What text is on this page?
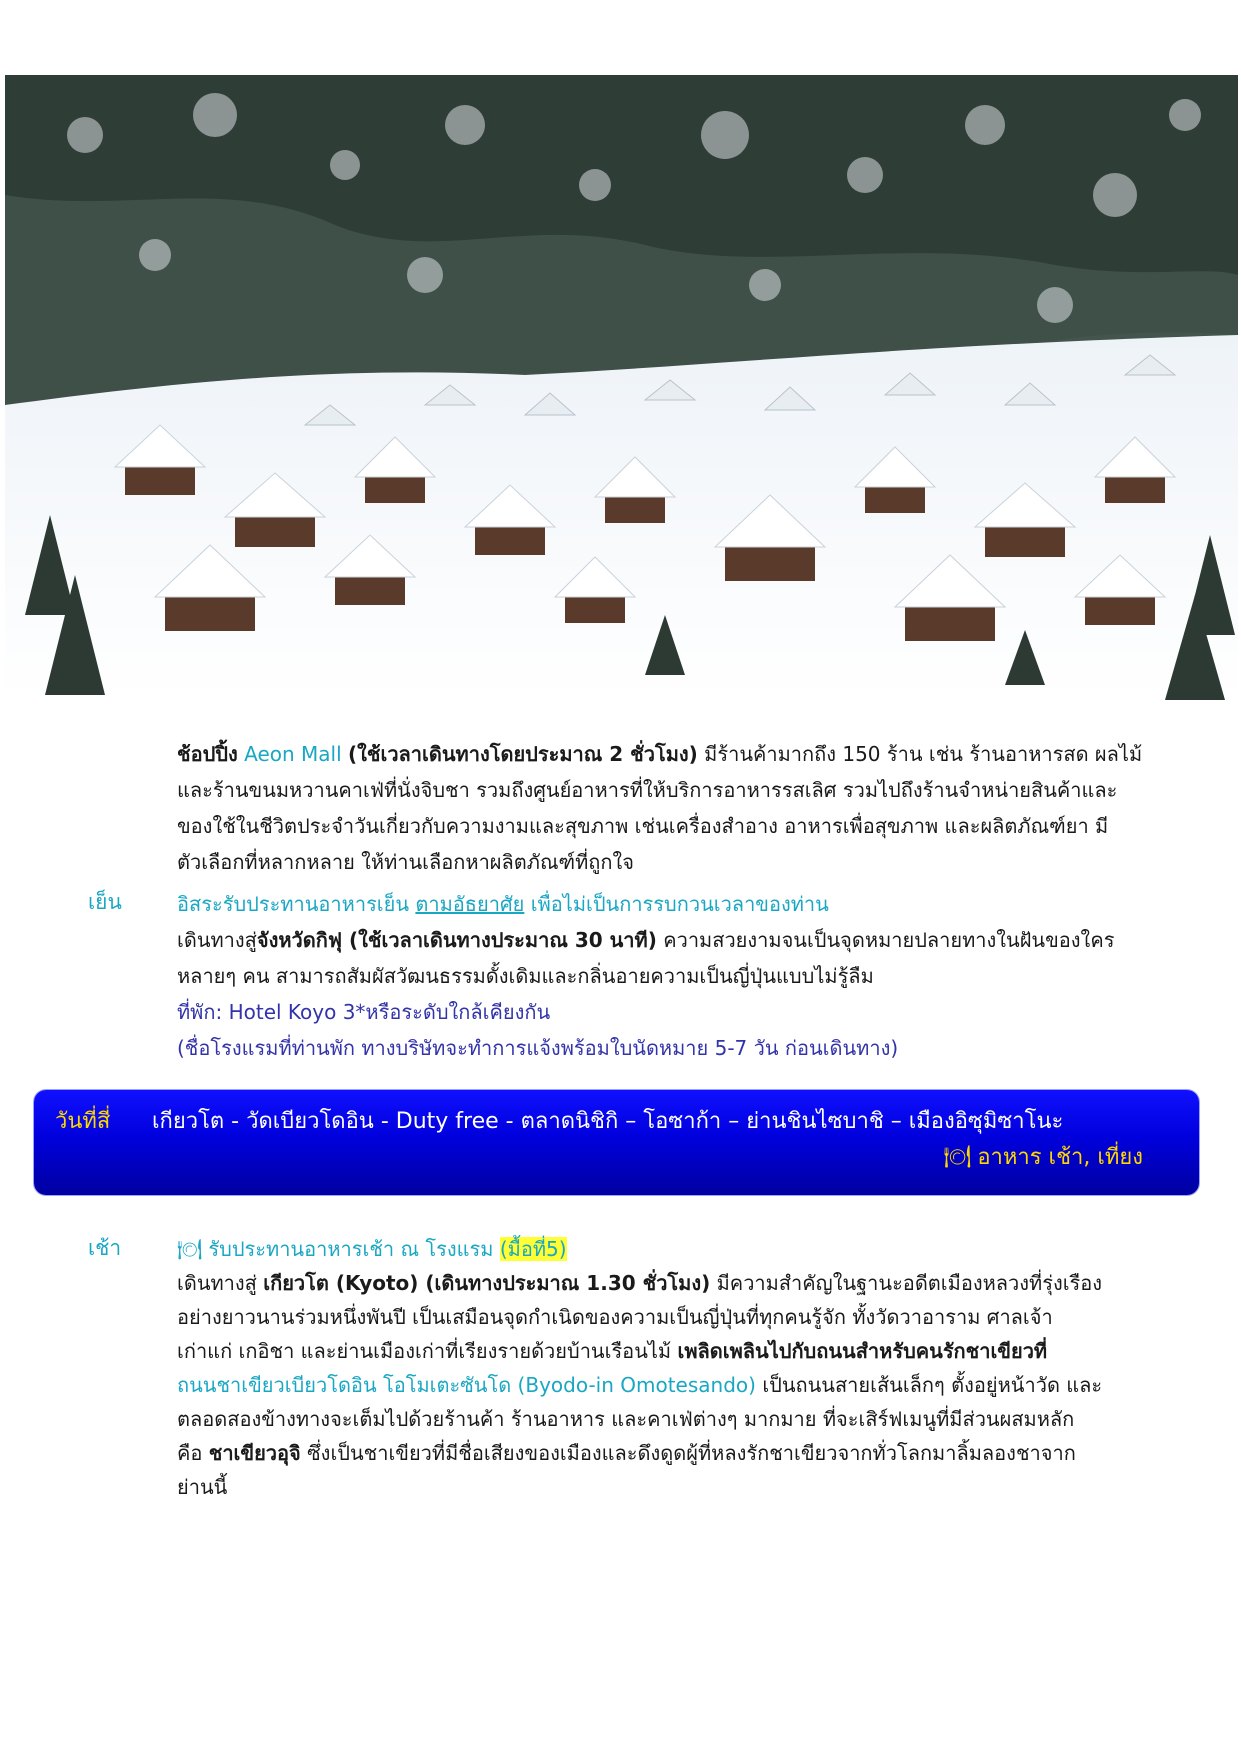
ช้อปปิ้ง Aeon Mall (ใช้เวลาเดินทางโดยประมาณ 2 ชั่วโมง) มีร้านค้ามากถึง 150 ร้าน เช่น ร้านอาหารสด ผลไม้
และร้านขนมหวานคาเฟ่ที่นั่งจิบชา รวมถึงศูนย์อาหารที่ให้บริการอาหารรสเลิศ รวมไปถึงร้านจำหน่ายสินค้าและ
ของใช้ในชีวิตประจำวันเกี่ยวกับความงามและสุขภาพ เช่นเครื่องสำอาง อาหารเพื่อสุขภาพ และผลิตภัณฑ์ยา มี
ตัวเลือกที่หลากหลาย ให้ท่านเลือกหาผลิตภัณฑ์ที่ถูกใจ
เย็น	อิสระรับประทานอาหารเย็น ตามอัธยาศัย เพื่อไม่เป็นการรบกวนเวลาของท่าน
เดินทางสู่จังหวัดกิฟุ (ใช้เวลาเดินทางประมาณ 30 นาที) ความสวยงามจนเป็นจุดหมายปลายทางในฝันของใคร
หลายๆ คน สามารถสัมผัสวัฒนธรรมดั้งเดิมและกลิ่นอายความเป็นญี่ปุ่นแบบไม่รู้ลืม
ที่พัก: Hotel Koyo 3*หรือระดับใกล้เคียงกัน
(ชื่อโรงแรมที่ท่านพัก ทางบริษัทจะทำการแจ้งพร้อมใบนัดหมาย 5-7 วัน ก่อนเดินทาง)
วันที่สี่ เกียวโต - วัดเบียวโดอิน - Duty free - ตลาดนิชิกิ – โอซาก้า – ย่านชินไซบาชิ – เมืองอิซุมิซาโนะ
🍽 อาหาร เช้า, เที่ยง
เช้า	🍽 รับประทานอาหารเช้า ณ โรงแรม (มื้อที่5)
เดินทางสู่ เกียวโต (Kyoto) (เดินทางประมาณ 1.30 ชั่วโมง) มีความสำคัญในฐานะอดีตเมืองหลวงที่รุ่งเรือง
อย่างยาวนานร่วมหนึ่งพันปี เป็นเสมือนจุดกำเนิดของความเป็นญี่ปุ่นที่ทุกคนรู้จัก ทั้งวัดวาอาราม ศาลเจ้า
เก่าแก่ เกอิชา และย่านเมืองเก่าที่เรียงรายด้วยบ้านเรือนไม้ เพลิดเพลินไปกับถนนสำหรับคนรักชาเขียวที่
ถนนชาเขียวเบียวโดอิน โอโมเตะซันโด (Byodo-in Omotesando) เป็นถนนสายเส้นเล็กๆ ตั้งอยู่หน้าวัด และ
ตลอดสองข้างทางจะเต็มไปด้วยร้านค้า ร้านอาหาร และคาเฟ่ต่างๆ มากมาย ที่จะเสิร์ฟเมนูที่มีส่วนผสมหลัก
คือ ชาเขียวอุจิ ซึ่งเป็นชาเขียวที่มีชื่อเสียงของเมืองและดึงดูดผู้ที่หลงรักชาเขียวจากทั่วโลกมาลิ้มลองชาจาก
ย่านนี้
